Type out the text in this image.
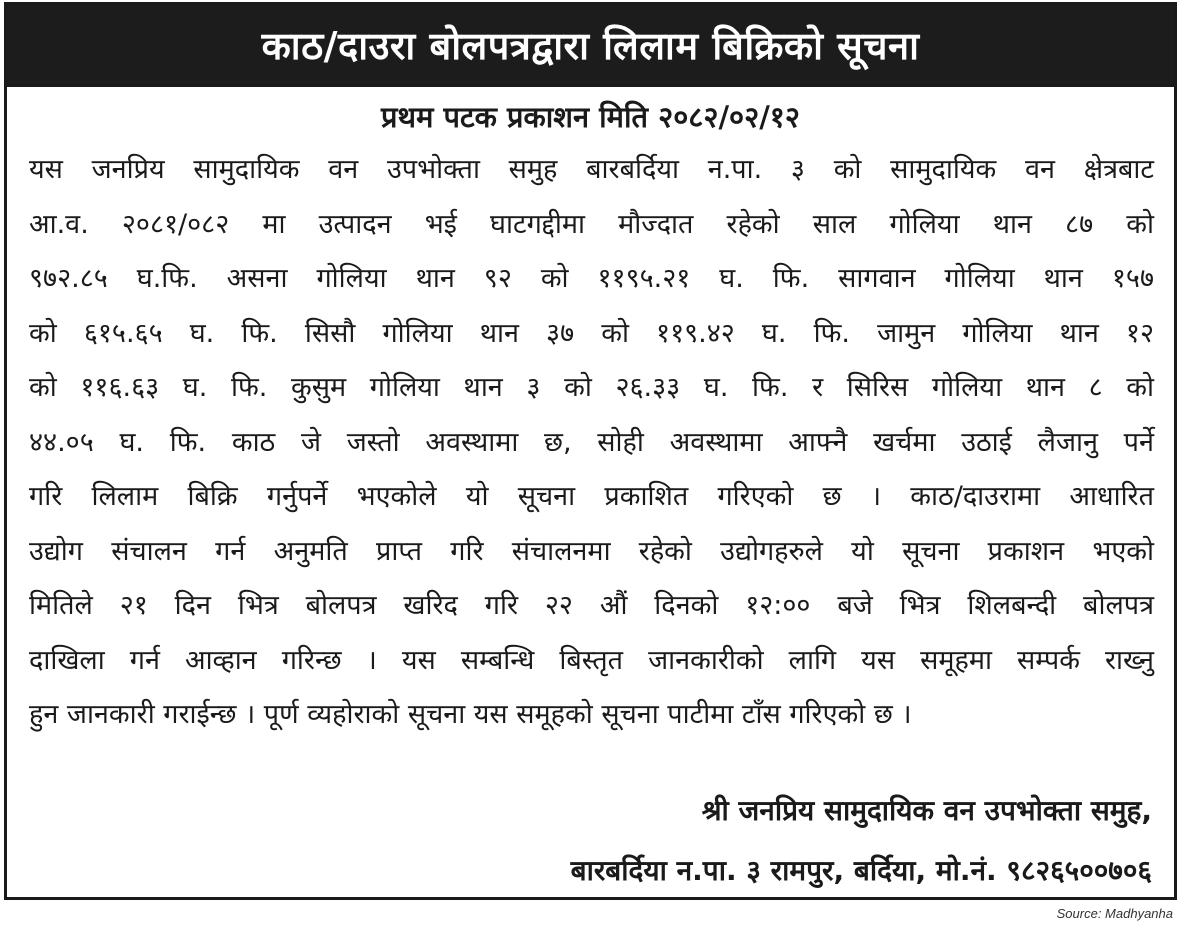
काठ/दाउरा बोलपत्रद्वारा लिलाम बिक्रिको सूचना
प्रथम पटक प्रकाशन मिति २०८२/०२/१२
यस जनप्रिय सामुदायिक वन उपभोक्ता समुह बारबर्दिया न.पा. ३ को सामुदायिक वन क्षेत्रबाट
आ.व. २०८१/०८२ मा उत्पादन भई घाटगद्दीमा मौज्दात रहेको साल गोलिया थान ८७ को
९७२.८५ घ.फि. असना गोलिया थान ९२ को ११९५.२१ घ. फि. सागवान गोलिया थान १५७
को ६१५.६५ घ. फि. सिसौ गोलिया थान ३७ को ११९.४२ घ. फि. जामुन गोलिया थान १२
को ११६.६३ घ. फि. कुसुम गोलिया थान ३ को २६.३३ घ. फि. र सिरिस गोलिया थान ८ को
४४.०५ घ. फि. काठ जे जस्तो अवस्थामा छ, सोही अवस्थामा आफ्नै खर्चमा उठाई लैजानु पर्ने
गरि लिलाम बिक्रि गर्नुपर्ने भएकोले यो सूचना प्रकाशित गरिएको छ । काठ/दाउरामा आधारित
उद्योग संचालन गर्न अनुमति प्राप्त गरि संचालनमा रहेको उद्योगहरुले यो सूचना प्रकाशन भएको
मितिले २१ दिन भित्र बोलपत्र खरिद गरि २२ औं दिनको १२:०० बजे भित्र शिलबन्दी बोलपत्र
दाखिला गर्न आव्हान गरिन्छ । यस सम्बन्धि बिस्तृत जानकारीको लागि यस समूहमा सम्पर्क राख्नु
हुन जानकारी गराईन्छ । पूर्ण व्यहोराको सूचना यस समूहको सूचना पाटीमा टाँस गरिएको छ ।
श्री जनप्रिय सामुदायिक वन उपभोक्ता समुह,
बारबर्दिया न.पा. ३ रामपुर, बर्दिया, मो.नं. ९८२६५००७०६
Source: Madhyanha
